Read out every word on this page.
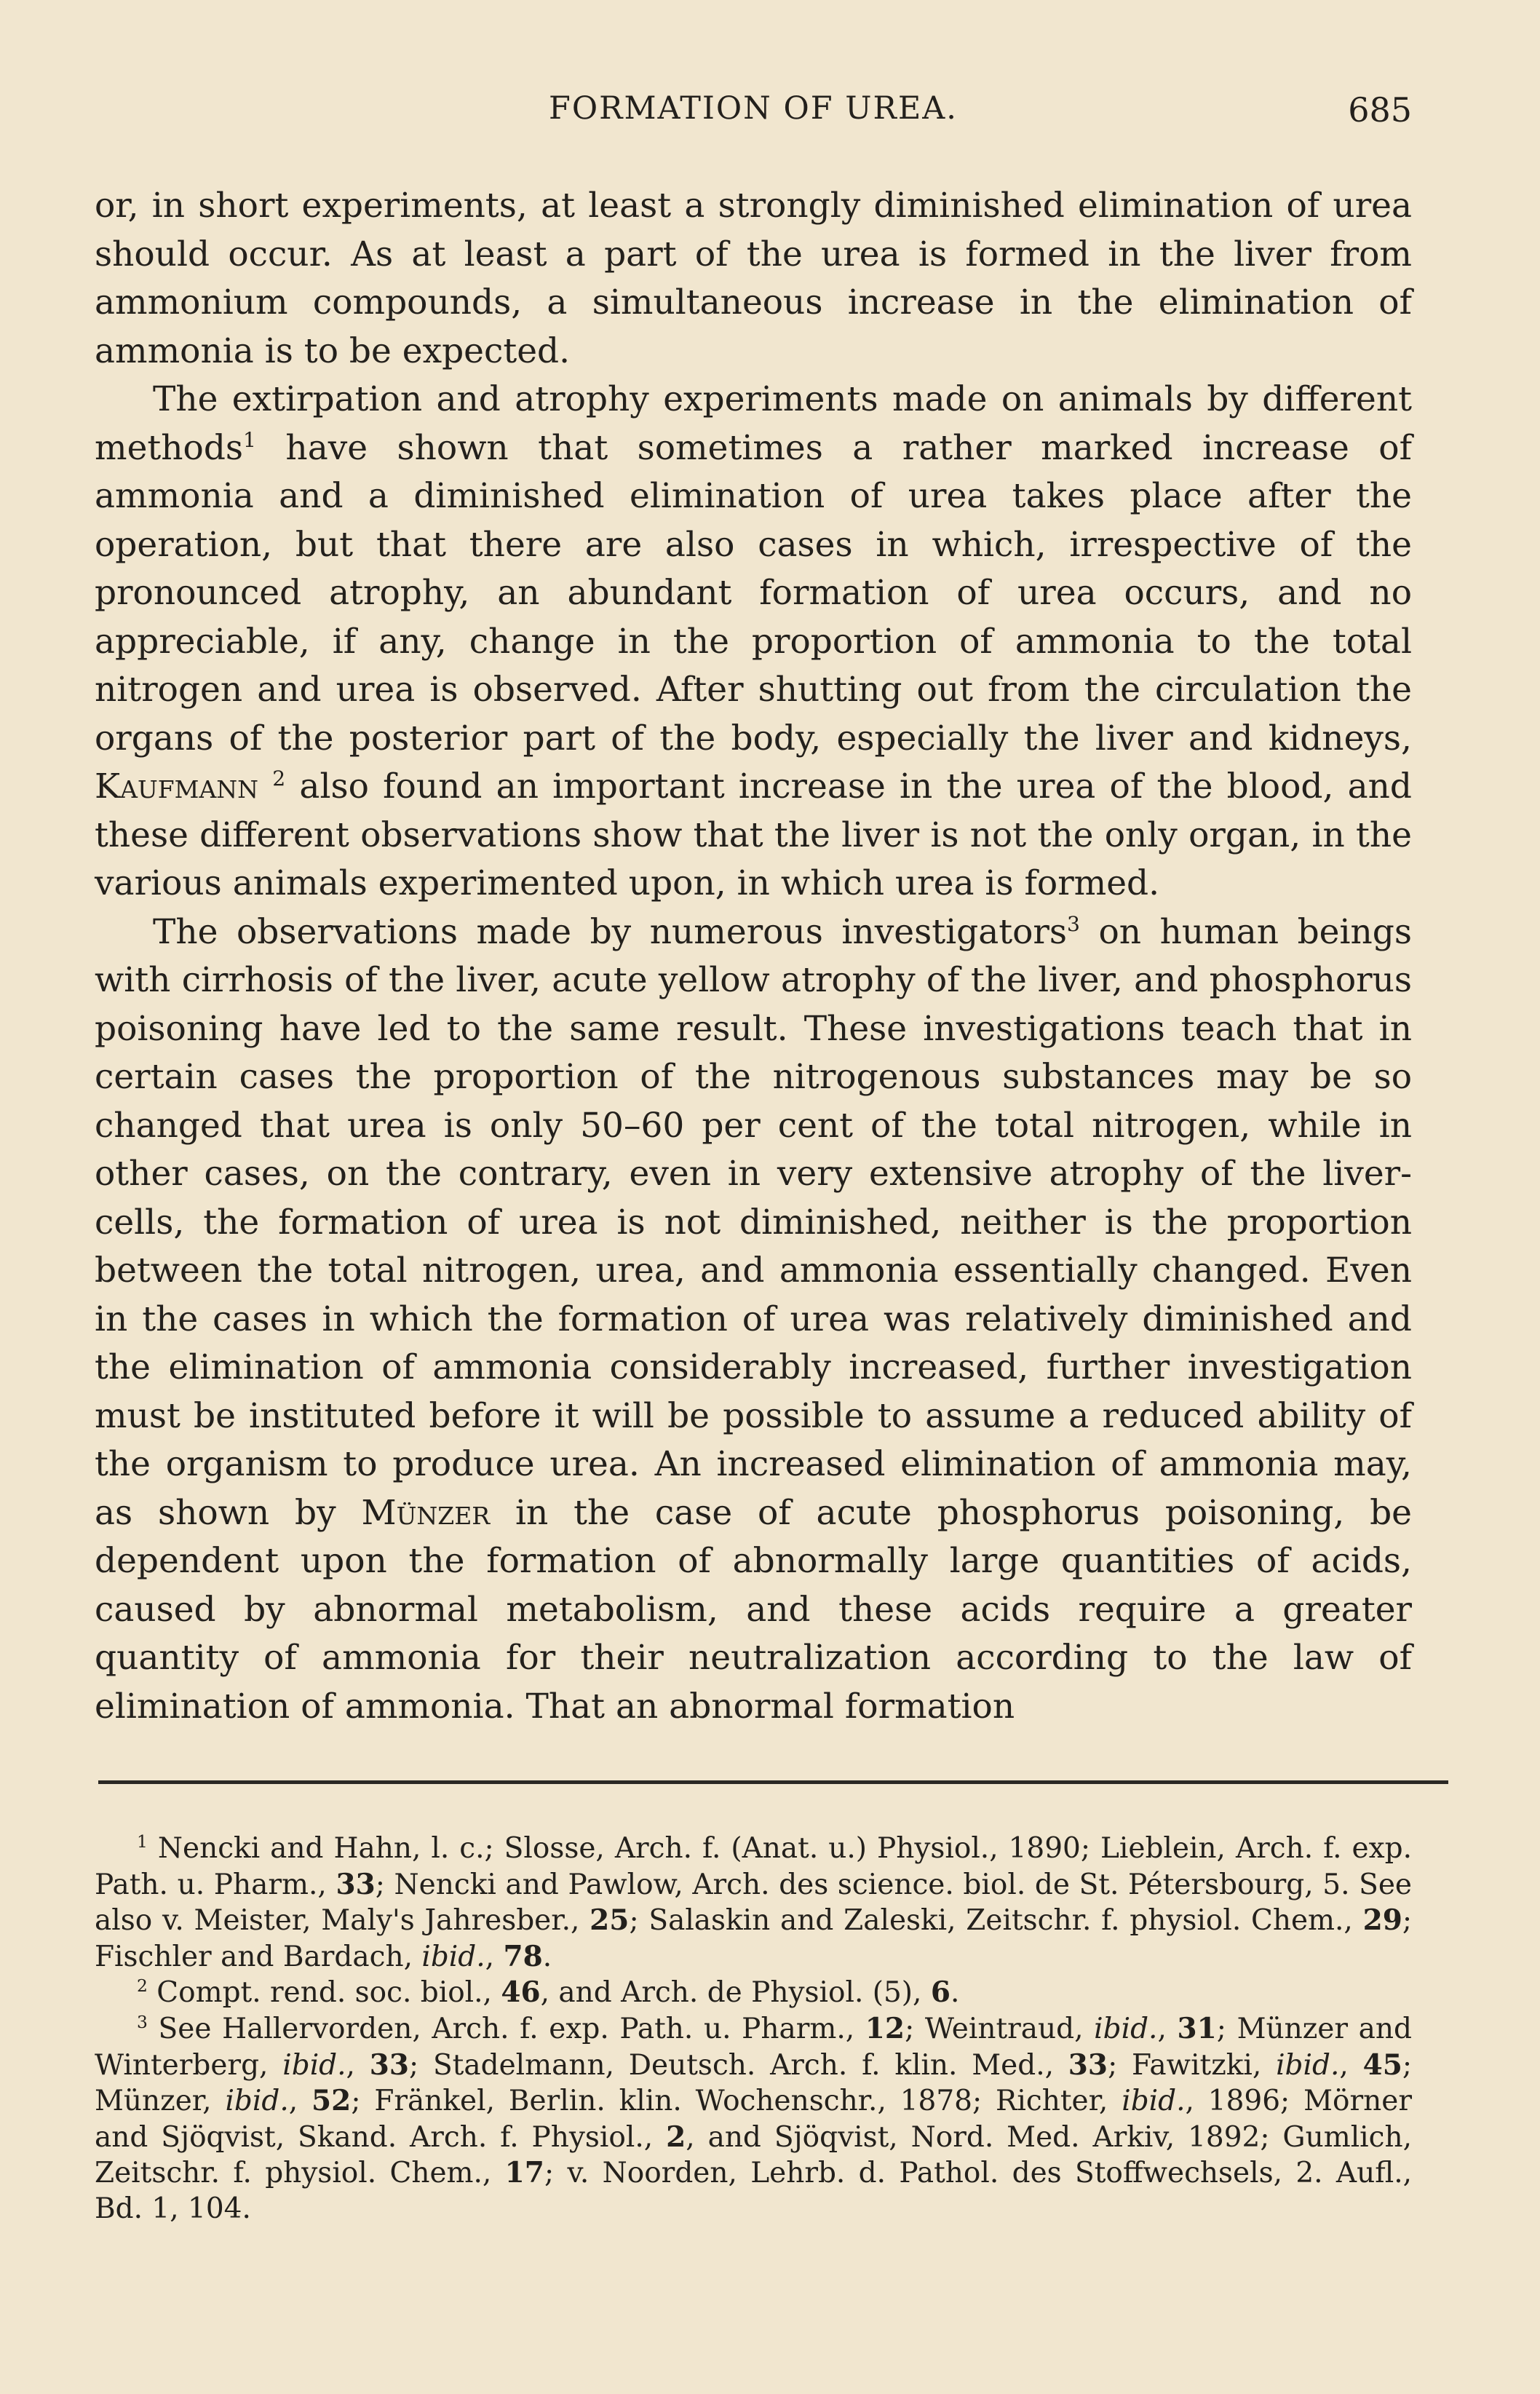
FORMATION OF UREA.	685

or, in short experiments, at least a strongly diminished elimination of urea should occur. As at least a part of the urea is formed in the liver from ammonium compounds, a simultaneous increase in the elimination of ammonia is to be expected.

The extirpation and atrophy experiments made on animals by different methods$^1$ have shown that sometimes a rather marked increase of ammonia and a diminished elimination of urea takes place after the operation, but that there are also cases in which, irrespective of the pronounced atrophy, an abundant formation of urea occurs, and no appreciable, if any, change in the proportion of ammonia to the total nitrogen and urea is observed. After shutting out from the circulation the organs of the posterior part of the body, especially the liver and kidneys, Kaufmann $^2$ also found an important increase in the urea of the blood, and these different observations show that the liver is not the only organ, in the various animals experimented upon, in which urea is formed.

The observations made by numerous investigators$^3$ on human beings with cirrhosis of the liver, acute yellow atrophy of the liver, and phosphorus poisoning have led to the same result. These investigations teach that in certain cases the proportion of the nitrogenous substances may be so changed that urea is only 50–60 per cent of the total nitrogen, while in other cases, on the contrary, even in very extensive atrophy of the liver-cells, the formation of urea is not diminished, neither is the proportion between the total nitrogen, urea, and ammonia essentially changed. Even in the cases in which the formation of urea was relatively diminished and the elimination of ammonia considerably increased, further investigation must be instituted before it will be possible to assume a reduced ability of the organism to produce urea. An increased elimination of ammonia may, as shown by Münzer in the case of acute phosphorus poisoning, be dependent upon the formation of abnormally large quantities of acids, caused by abnormal metabolism, and these acids require a greater quantity of ammonia for their neutralization according to the law of elimination of ammonia. That an abnormal formation

$^1$ Nencki and Hahn, l. c.; Slosse, Arch. f. (Anat. u.) Physiol., 1890; Lieblein, Arch. f. exp. Path. u. Pharm., 33; Nencki and Pawlow, Arch. des science. biol. de St. Pétersbourg, 5. See also v. Meister, Maly's Jahresber., 25; Salaskin and Zaleski, Zeitschr. f. physiol. Chem., 29; Fischler and Bardach, ibid., 78.

$^2$ Compt. rend. soc. biol., 46, and Arch. de Physiol. (5), 6.

$^3$ See Hallervorden, Arch. f. exp. Path. u. Pharm., 12; Weintraud, ibid., 31; Münzer and Winterberg, ibid., 33; Stadelmann, Deutsch. Arch. f. klin. Med., 33; Fawitzki, ibid., 45; Münzer, ibid., 52; Fränkel, Berlin. klin. Wochenschr., 1878; Richter, ibid., 1896; Mörner and Sjöqvist, Skand. Arch. f. Physiol., 2, and Sjöqvist, Nord. Med. Arkiv, 1892; Gumlich, Zeitschr. f. physiol. Chem., 17; v. Noorden, Lehrb. d. Pathol. des Stoffwechsels, 2. Aufl., Bd. 1, 104.
